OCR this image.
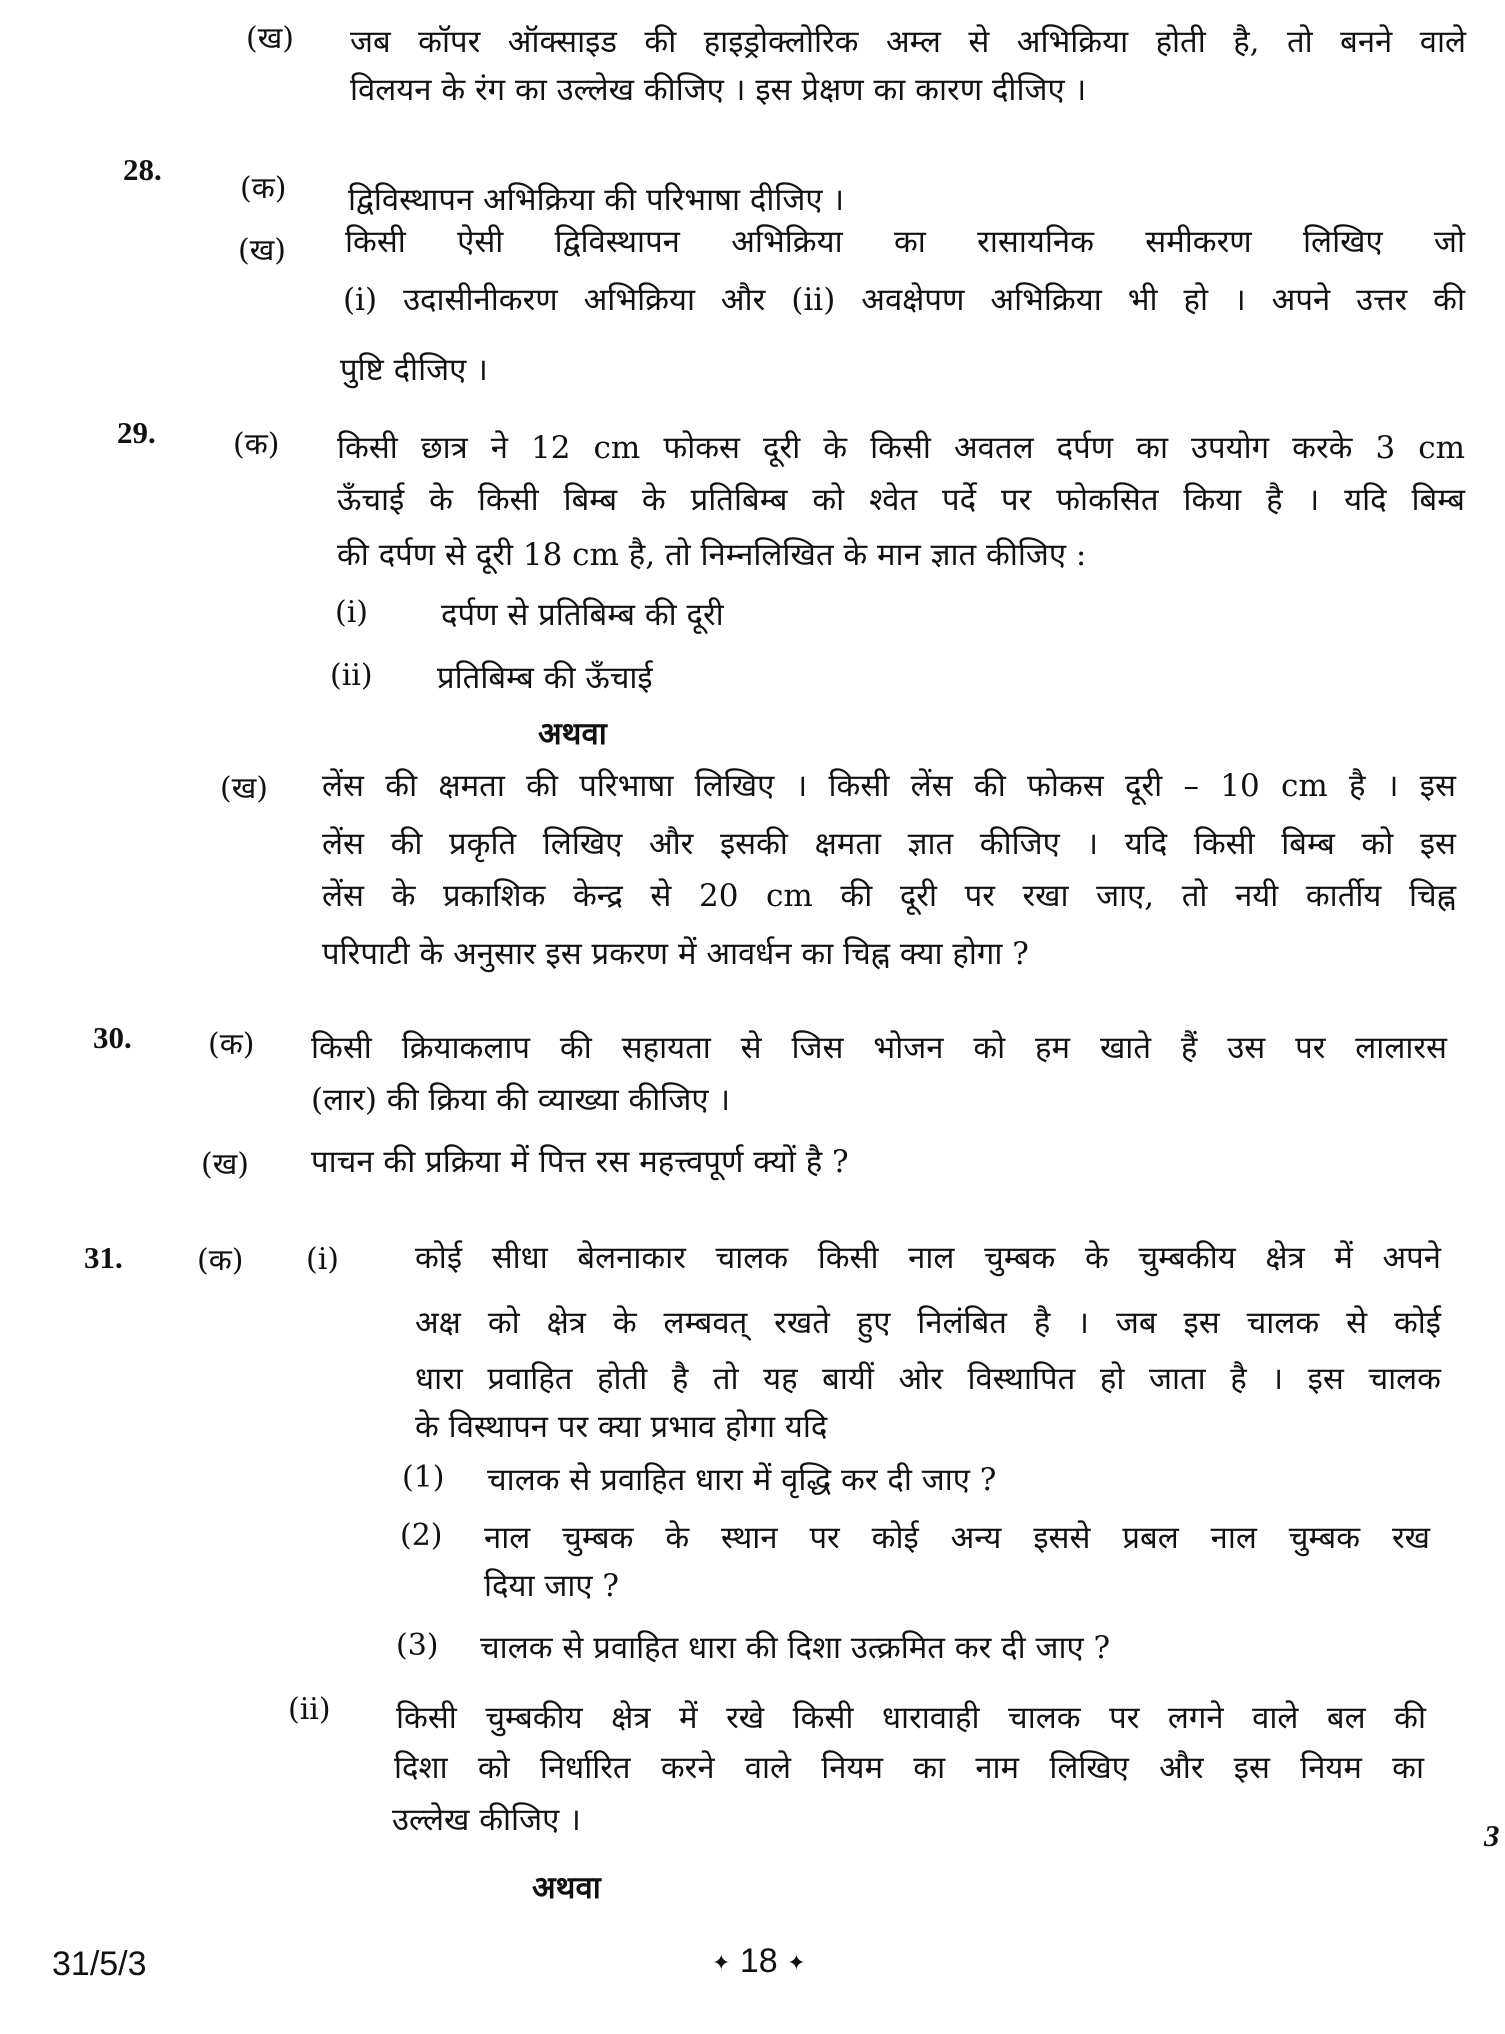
(ख) जब कॉपर ऑक्साइड की हाइड्रोक्लोरिक अम्ल से अभिक्रिया होती है, तो बनने वाले
विलयन के रंग का उल्लेख कीजिए । इस प्रेक्षण का कारण दीजिए ।
28.
(क) द्विविस्थापन अभिक्रिया की परिभाषा दीजिए ।
(ख) किसी ऐसी द्विविस्थापन अभिक्रिया का रासायनिक समीकरण लिखिए जो
(i) उदासीनीकरण अभिक्रिया और (ii) अवक्षेपण अभिक्रिया भी हो । अपने उत्तर की
पुष्टि दीजिए ।
29.	(क) किसी छात्र ने 12 cm फोकस दूरी के किसी अवतल दर्पण का उपयोग करके 3 cm
ऊँचाई के किसी बिम्ब के प्रतिबिम्ब को श्वेत पर्दे पर फोकसित किया है । यदि बिम्ब
की दर्पण से दूरी 18 cm है, तो निम्नलिखित के मान ज्ञात कीजिए :
(i) दर्पण से प्रतिबिम्ब की दूरी
(ii) प्रतिबिम्ब की ऊँचाई
अथवा
(ख) लेंस की क्षमता की परिभाषा लिखिए । किसी लेंस की फोकस दूरी – 10 cm है । इस
लेंस की प्रकृति लिखिए और इसकी क्षमता ज्ञात कीजिए । यदि किसी बिम्ब को इस
लेंस के प्रकाशिक केन्द्र से 20 cm की दूरी पर रखा जाए, तो नयी कार्तीय चिह्न
परिपाटी के अनुसार इस प्रकरण में आवर्धन का चिह्न क्या होगा ?
30.	(क) किसी क्रियाकलाप की सहायता से जिस भोजन को हम खाते हैं उस पर लालारस
(लार) की क्रिया की व्याख्या कीजिए ।
(ख) पाचन की प्रक्रिया में पित्त रस महत्त्वपूर्ण क्यों है ?
31. (क) (i) कोई सीधा बेलनाकार चालक किसी नाल चुम्बक के चुम्बकीय क्षेत्र में अपने
अक्ष को क्षेत्र के लम्बवत् रखते हुए निलंबित है । जब इस चालक से कोई
धारा प्रवाहित होती है तो यह बायीं ओर विस्थापित हो जाता है । इस चालक
के विस्थापन पर क्या प्रभाव होगा यदि
(1) चालक से प्रवाहित धारा में वृद्धि कर दी जाए ?
(2) नाल चुम्बक के स्थान पर कोई अन्य इससे प्रबल नाल चुम्बक रख
दिया जाए ?
(3) चालक से प्रवाहित धारा की दिशा उत्क्रमित कर दी जाए ?
(ii) किसी चुम्बकीय क्षेत्र में रखे किसी धारावाही चालक पर लगने वाले बल की
दिशा को निर्धारित करने वाले नियम का नाम लिखिए और इस नियम का
उल्लेख कीजिए ।	3
अथवा
31/5/3	✦ 18 ✦
